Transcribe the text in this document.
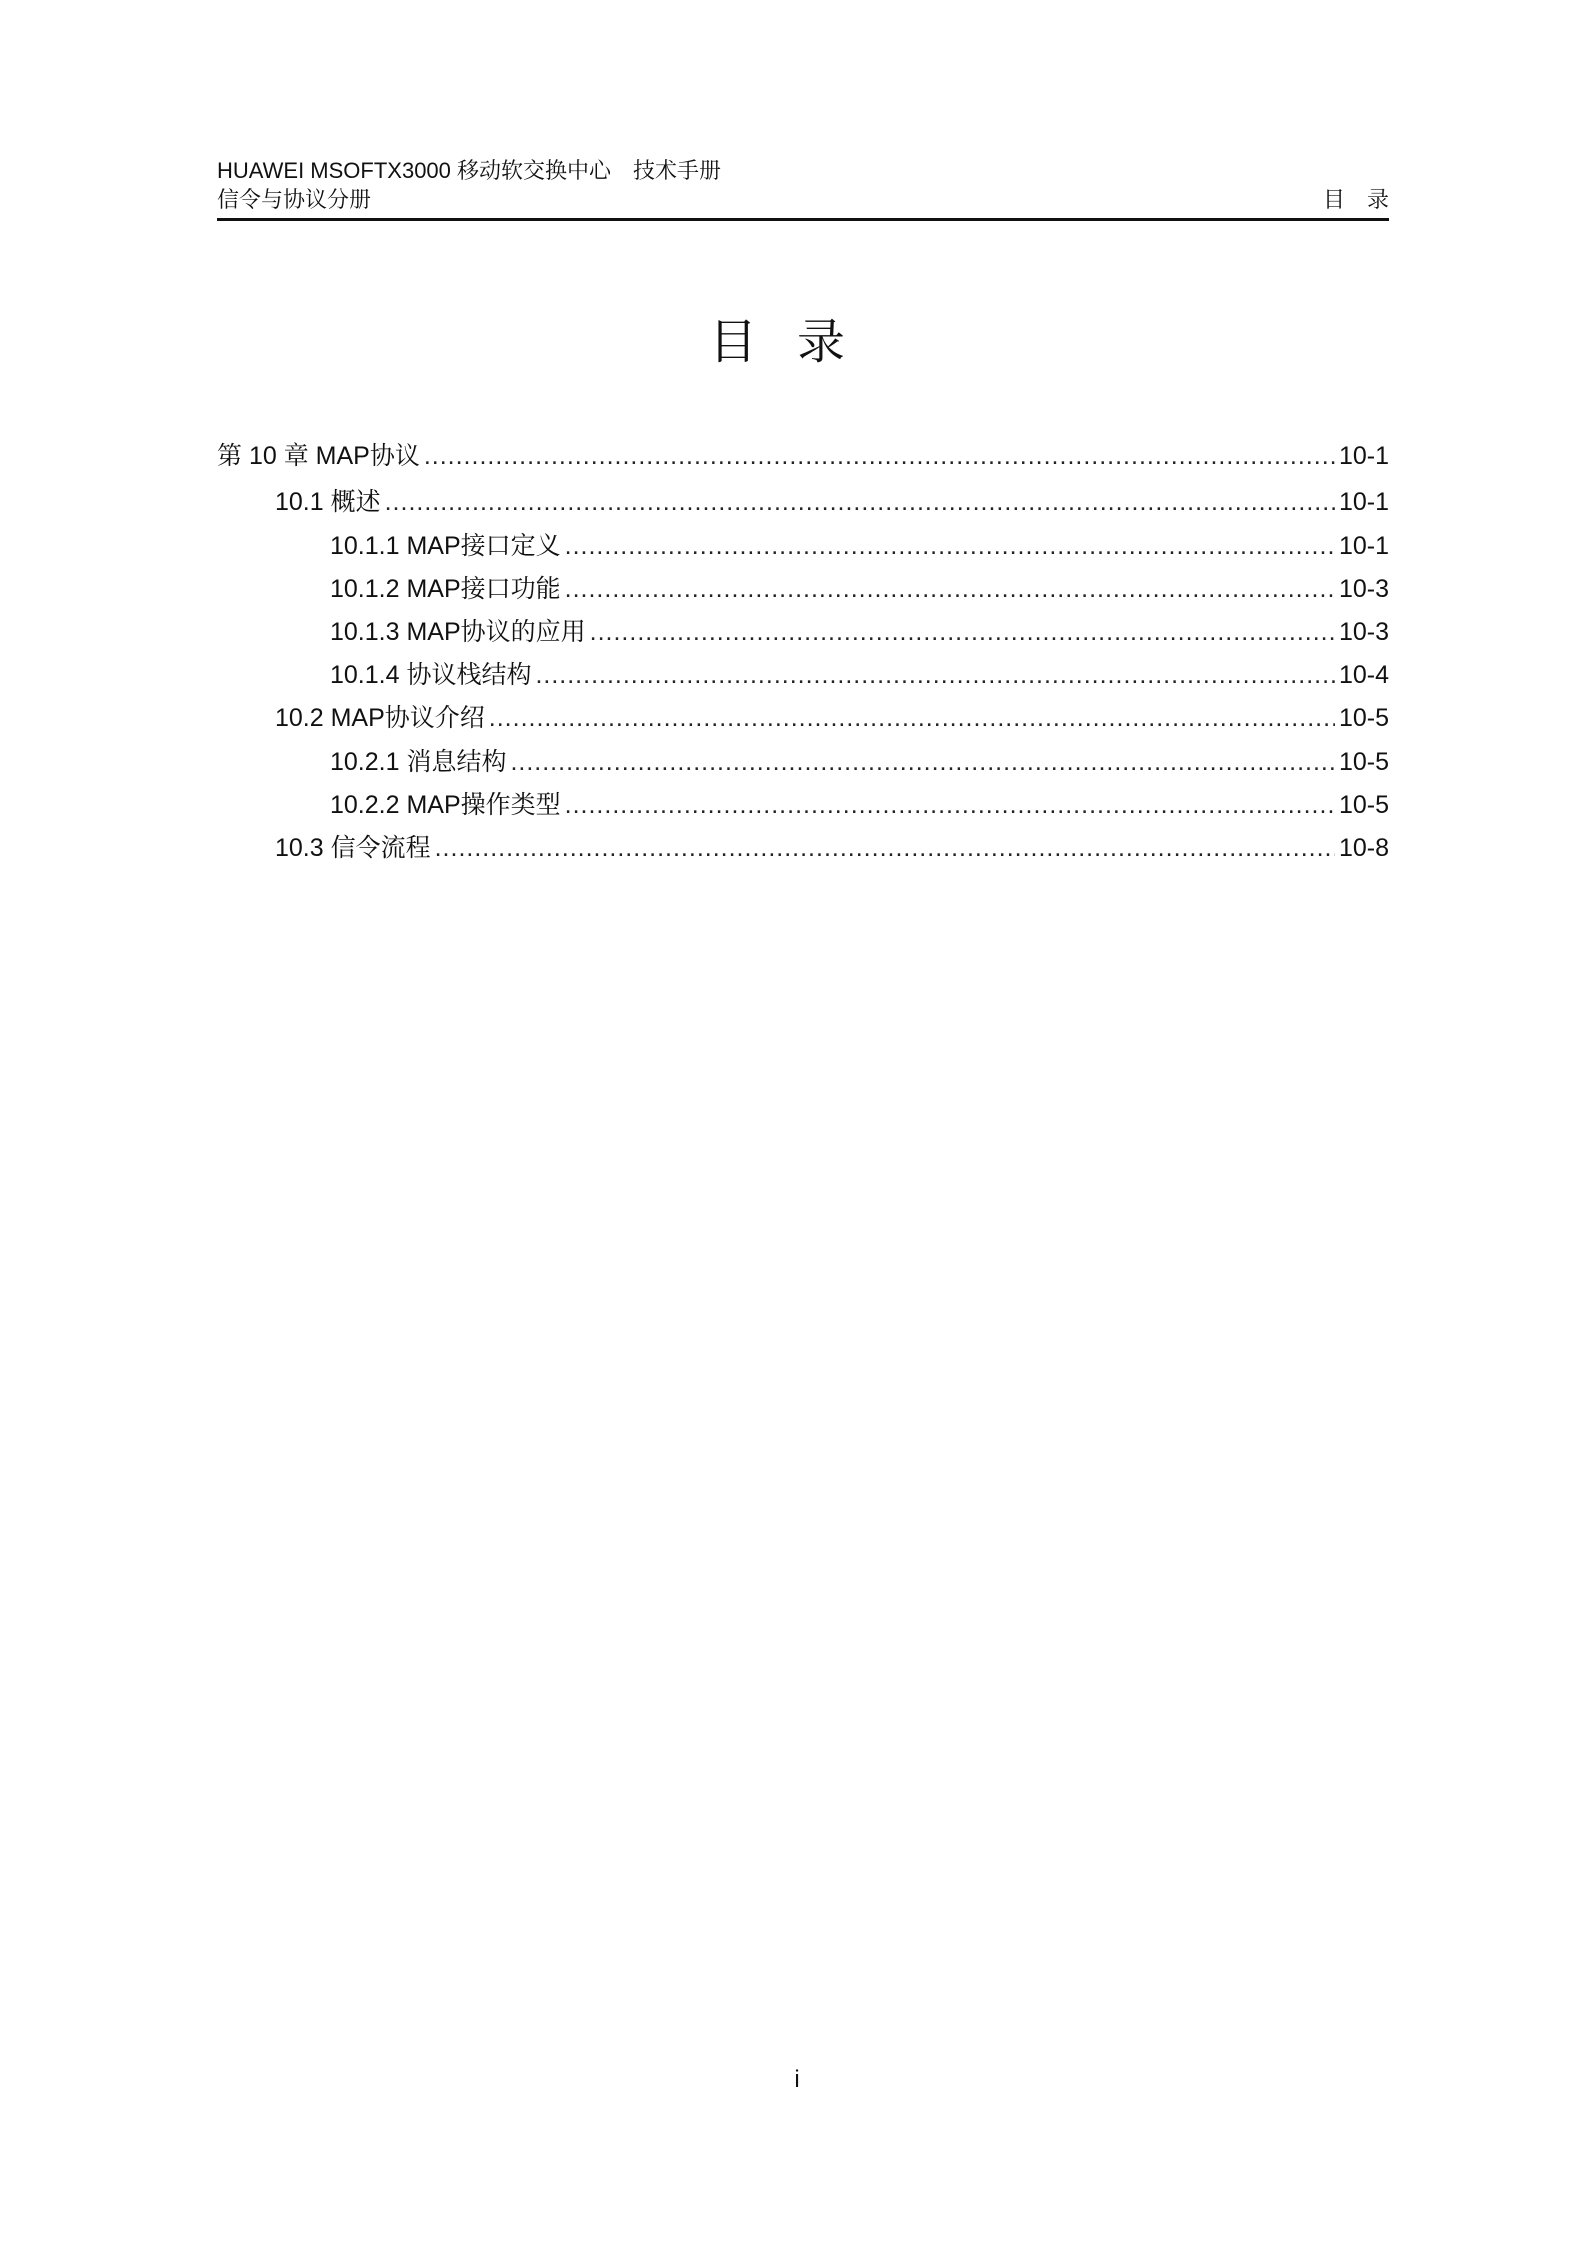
HUAWEI MSOFTX3000 移动软交换中心　技术手册
信令与协议分册	目　录
目录
第 10 章 MAP协议 .....	10-1
10.1 概述 .....	10-1
10.1.1 MAP接口定义 .....	10-1
10.1.2 MAP接口功能 .....	10-3
10.1.3 MAP协议的应用 .....	10-3
10.1.4 协议栈结构 .....	10-4
10.2 MAP协议介绍 .....	10-5
10.2.1 消息结构 .....	10-5
10.2.2 MAP操作类型 .....	10-5
10.3 信令流程 .....	10-8
i
